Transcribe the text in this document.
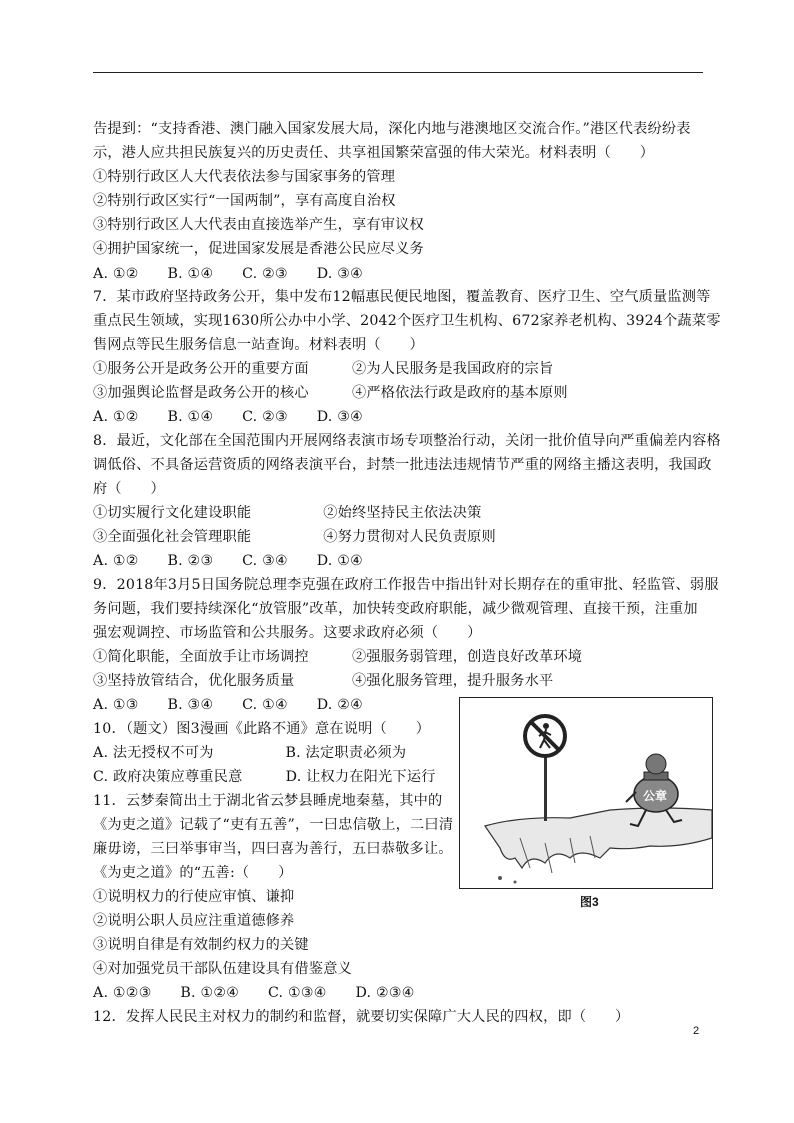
告提到：“支持香港、澳门融入国家发展大局，深化内地与港澳地区交流合作。”港区代表纷纷表
示，港人应共担民族复兴的历史责任、共享祖国繁荣富强的伟大荣光。材料表明（　　）
①特别行政区人大代表依法参与国家事务的管理
②特别行政区实行“一国两制”，享有高度自治权
③特别行政区人大代表由直接选举产生，享有审议权
④拥护国家统一，促进国家发展是香港公民应尽义务
A. ①②　　B. ①④　　C. ②③　　D. ③④
7．某市政府坚持政务公开，集中发布12幅惠民便民地图，覆盖教育、医疗卫生、空气质量监测等
重点民生领域，实现1630所公办中小学、2042个医疗卫生机构、672家养老机构、3924个蔬菜零
售网点等民生服务信息一站查询。材料表明（　　）
①服务公开是政务公开的重要方面　　　②为人民服务是我国政府的宗旨
③加强舆论监督是政务公开的核心　　　④严格依法行政是政府的基本原则
A. ①②　　B. ①④　　C. ②③　　D. ③④
8．最近，文化部在全国范围内开展网络表演市场专项整治行动，关闭一批价值导向严重偏差内容格
调低俗、不具备运营资质的网络表演平台，封禁一批违法违规情节严重的网络主播这表明，我国政
府（　　）
①切实履行文化建设职能　　　　　②始终坚持民主依法决策
③全面强化社会管理职能　　　　　④努力贯彻对人民负责原则
A. ①②　　B. ②③　　C. ③④　　D. ①④
9．2018年3月5日国务院总理李克强在政府工作报告中指出针对长期存在的重审批、轻监管、弱服
务问题，我们要持续深化“放管服”改革，加快转变政府职能，减少微观管理、直接干预，注重加
强宏观调控、市场监管和公共服务。这要求政府必须（　　）
①简化职能，全面放手让市场调控　　　②强服务弱管理，创造良好改革环境
③坚持放管结合，优化服务质量　　　　④强化服务管理，提升服务水平
A. ①③　　B. ③④　　C. ①④　　D. ②④
10．（题文）图3漫画《此路不通》意在说明（　　）
A. 法无授权不可为　　　　　B. 法定职责必须为
C. 政府决策应尊重民意　　　D. 让权力在阳光下运行
11．云梦秦简出土于湖北省云梦县睡虎地秦墓，其中的
《为吏之道》记载了“吏有五善”，一曰忠信敬上，二曰清
廉毋谤，三曰举事审当，四曰喜为善行，五曰恭敬多让。
《为吏之道》的“五善:（　　）
①说明权力的行使应审慎、谦抑
②说明公职人员应注重道德修养
③说明自律是有效制约权力的关键
④对加强党员干部队伍建设具有借鉴意义
A. ①②③　　B. ①②④　　C. ①③④　　D. ②③④
12．发挥人民民主对权力的制约和监督，就要切实保障广大人民的四权，即（　　）
公章
图3
2
